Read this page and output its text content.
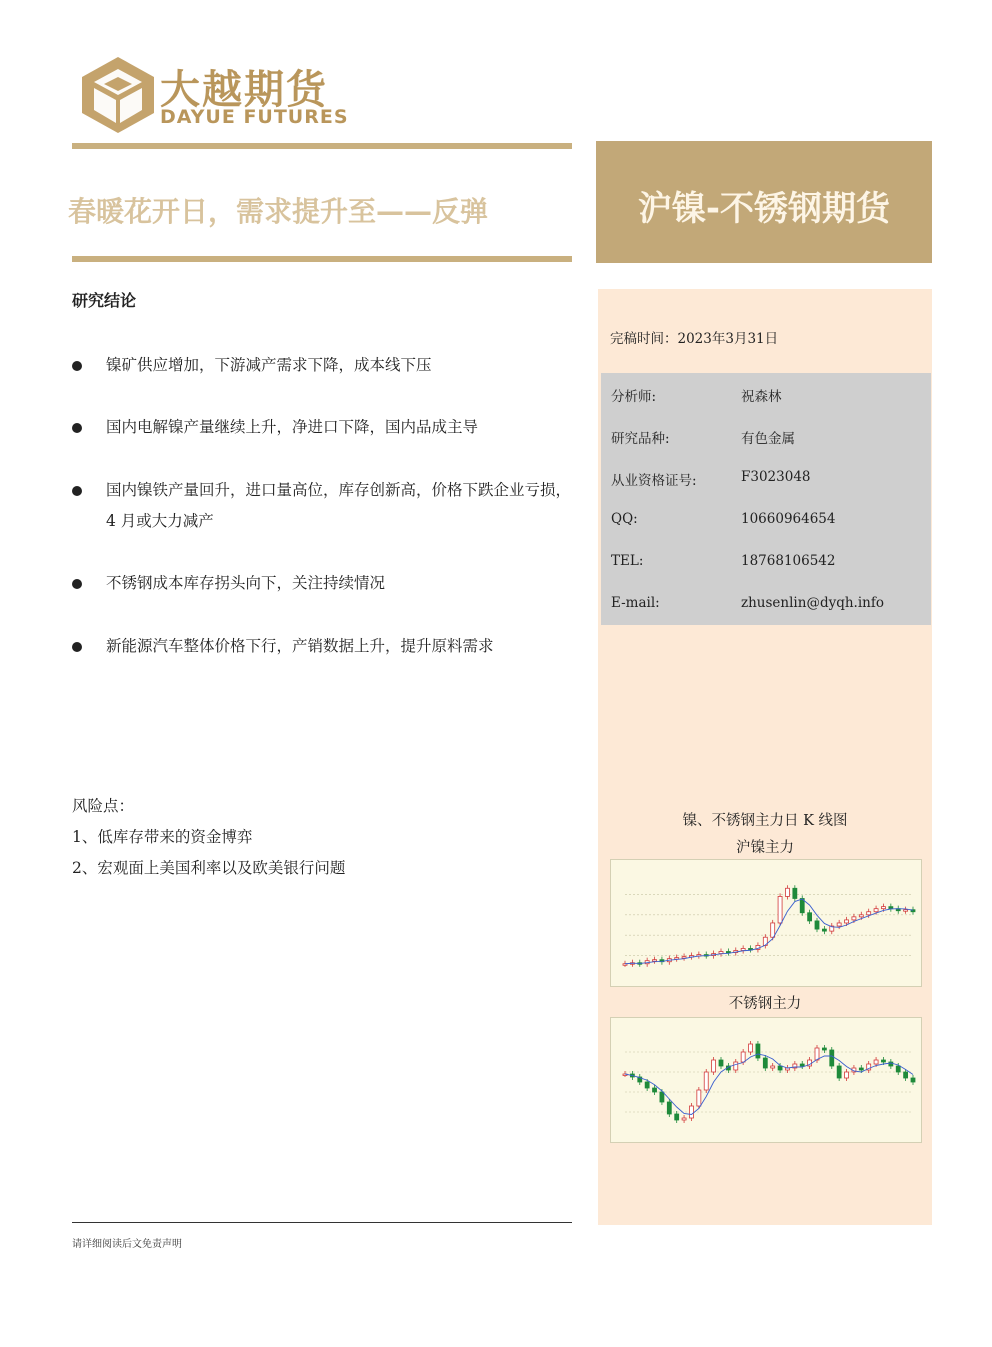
大越期货
DAYUE FUTURES
春暖花开日，需求提升至——反弹	沪镍-不锈钢期货
研究结论
镍矿供应增加，下游减产需求下降，成本线下压
国内电解镍产量继续上升，净进口下降，国内品成主导
国内镍铁产量回升，进口量高位，库存创新高，价格下跌企业亏损，4 月或大力减产
不锈钢成本库存拐头向下，关注持续情况
新能源汽车整体价格下行，产销数据上升，提升原料需求
风险点：
1、低库存带来的资金博弈
2、宏观面上美国利率以及欧美银行问题
请详细阅读后文免责声明
完稿时间：2023年3月31日
分析师:	祝森林
研究品种:	有色金属
从业资格证号:	F3023048
QQ:	10660964654
TEL:	18768106542
E-mail:	zhusenlin@dyqh.info
镍、不锈钢主力日 K 线图
沪镍主力
不锈钢主力
